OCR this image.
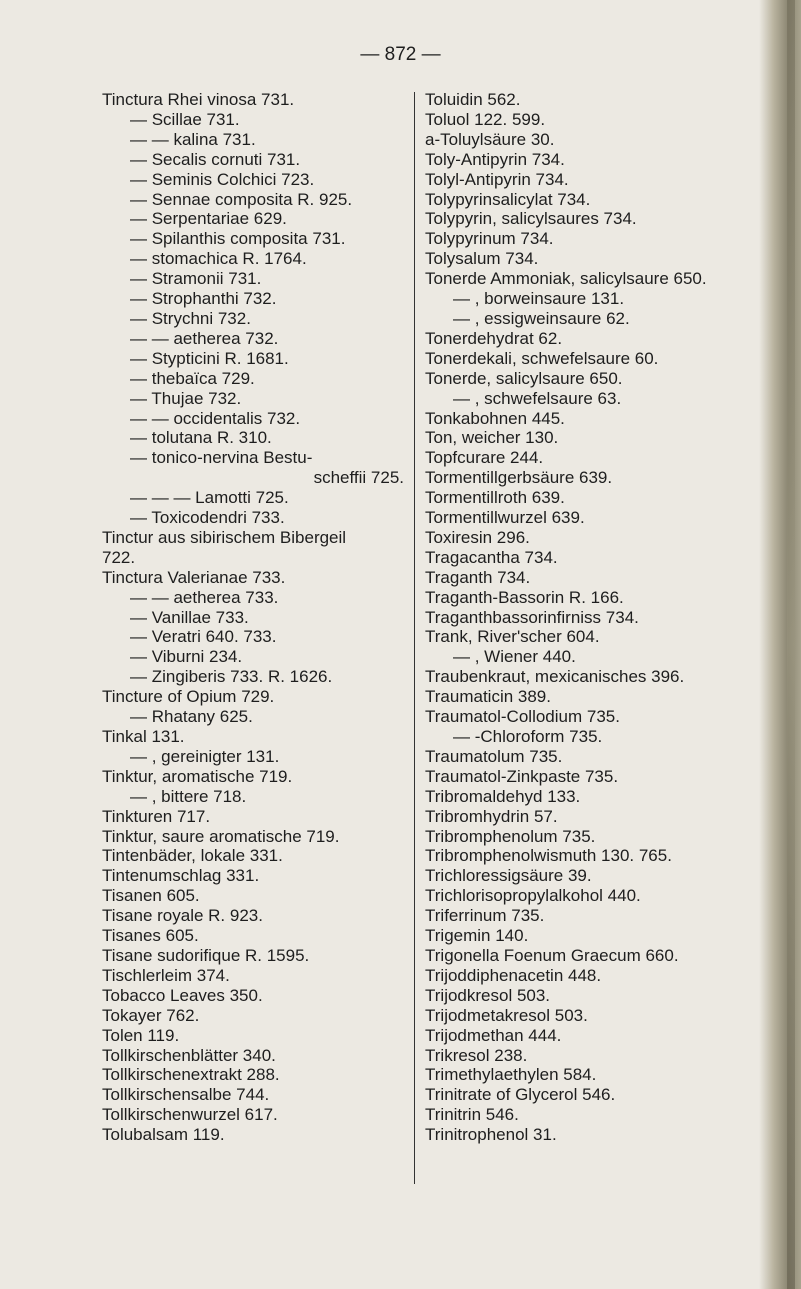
— 872 —
Tinctura Rhei vinosa 731.
— Scillae 731.
— — kalina 731.
— Secalis cornuti 731.
— Seminis Colchici 723.
— Sennae composita R. 925.
— Serpentariae 629.
— Spilanthis composita 731.
— stomachica R. 1764.
— Stramonii 731.
— Strophanthi 732.
— Strychni 732.
— — aetherea 732.
— Stypticini R. 1681.
— thebaïca 729.
— Thujae 732.
— — occidentalis 732.
— tolutana R. 310.
— tonico-nervina Bestu-
scheffii 725.
— — — Lamotti 725.
— Toxicodendri 733.
Tinctur aus sibirischem Bibergeil
722.
Tinctura Valerianae 733.
— — aetherea 733.
— Vanillae 733.
— Veratri 640. 733.
— Viburni 234.
— Zingiberis 733. R. 1626.
Tincture of Opium 729.
— Rhatany 625.
Tinkal 131.
— , gereinigter 131.
Tinktur, aromatische 719.
— , bittere 718.
Tinkturen 717.
Tinktur, saure aromatische 719.
Tintenbäder, lokale 331.
Tintenumschlag 331.
Tisanen 605.
Tisane royale R. 923.
Tisanes 605.
Tisane sudorifique R. 1595.
Tischlerleim 374.
Tobacco Leaves 350.
Tokayer 762.
Tolen 119.
Tollkirschenblätter 340.
Tollkirschenextrakt 288.
Tollkirschensalbe 744.
Tollkirschenwurzel 617.
Tolubalsam 119.
Toluidin 562.
Toluol 122. 599.
a-Toluylsäure 30.
Toly-Antipyrin 734.
Tolyl-Antipyrin 734.
Tolypyrinsalicylat 734.
Tolypyrin, salicylsaures 734.
Tolypyrinum 734.
Tolysalum 734.
Tonerde Ammoniak, salicylsaure 650.
— , borweinsaure 131.
— , essigweinsaure 62.
Tonerdehydrat 62.
Tonerdekali, schwefelsaure 60.
Tonerde, salicylsaure 650.
— , schwefelsaure 63.
Tonkabohnen 445.
Ton, weicher 130.
Topfcurare 244.
Tormentillgerbsäure 639.
Tormentillroth 639.
Tormentillwurzel 639.
Toxiresin 296.
Tragacantha 734.
Traganth 734.
Traganth-Bassorin R. 166.
Traganthbassorinfirniss 734.
Trank, River'scher 604.
— , Wiener 440.
Traubenkraut, mexicanisches 396.
Traumaticin 389.
Traumatol-Collodium 735.
— -Chloroform 735.
Traumatolum 735.
Traumatol-Zinkpaste 735.
Tribromaldehyd 133.
Tribromhydrin 57.
Tribromphenolum 735.
Tribromphenolwismuth 130. 765.
Trichloressigsäure 39.
Trichlorisopropylalkohol 440.
Triferrinum 735.
Trigemin 140.
Trigonella Foenum Graecum 660.
Trijoddiphenacetin 448.
Trijodkresol 503.
Trijodmetakresol 503.
Trijodmethan 444.
Trikresol 238.
Trimethylaethylen 584.
Trinitrate of Glycerol 546.
Trinitrin 546.
Trinitrophenol 31.
